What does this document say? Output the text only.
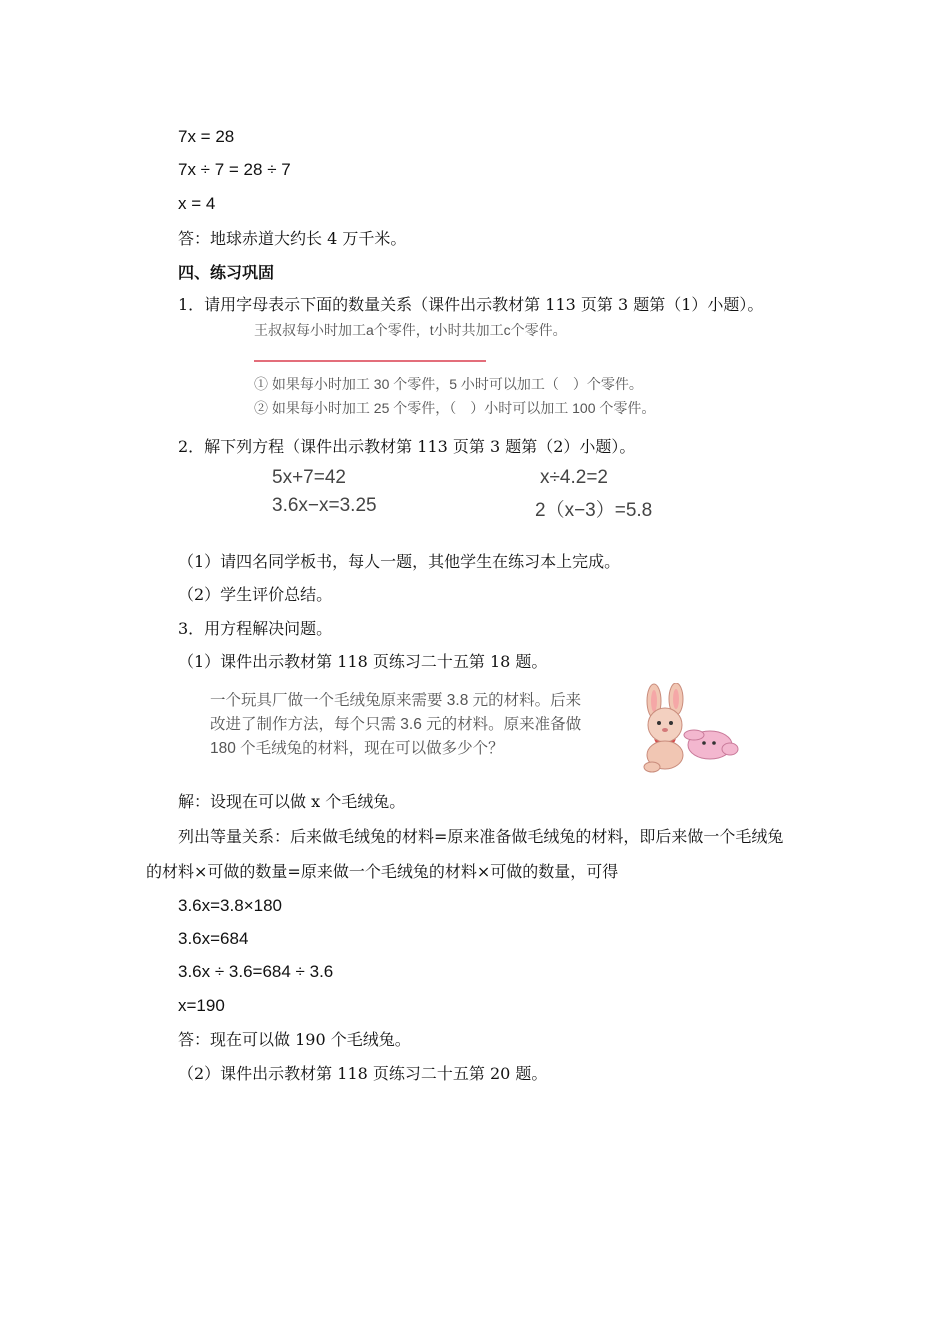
7x = 28
7x ÷ 7 = 28 ÷ 7
x = 4
答：地球赤道大约长 4 万千米。
四、练习巩固
1．请用字母表示下面的数量关系（课件出示教材第 113 页第 3 题第（1）小题）。
王叔叔每小时加工a个零件，t小时共加工c个零件。
① 如果每小时加工 30 个零件，5 小时可以加工（　）个零件。
② 如果每小时加工 25 个零件，（　）小时可以加工 100 个零件。
2．解下列方程（课件出示教材第 113 页第 3 题第（2）小题）。
5x+7=42	x÷4.2=2
3.6x−x=3.25	2（x−3）=5.8
（1）请四名同学板书，每人一题，其他学生在练习本上完成。
（2）学生评价总结。
3．用方程解决问题。
（1）课件出示教材第 118 页练习二十五第 18 题。
一个玩具厂做一个毛绒兔原来需要 3.8 元的材料。后来
改进了制作方法，每个只需 3.6 元的材料。原来准备做
180 个毛绒兔的材料，现在可以做多少个？
解：设现在可以做 x 个毛绒兔。
列出等量关系：后来做毛绒兔的材料=原来准备做毛绒兔的材料，即后来做一个毛绒兔
的材料×可做的数量=原来做一个毛绒兔的材料×可做的数量，可得
3.6x=3.8×180
3.6x=684
3.6x ÷ 3.6=684 ÷ 3.6
x=190
答：现在可以做 190 个毛绒兔。
（2）课件出示教材第 118 页练习二十五第 20 题。
